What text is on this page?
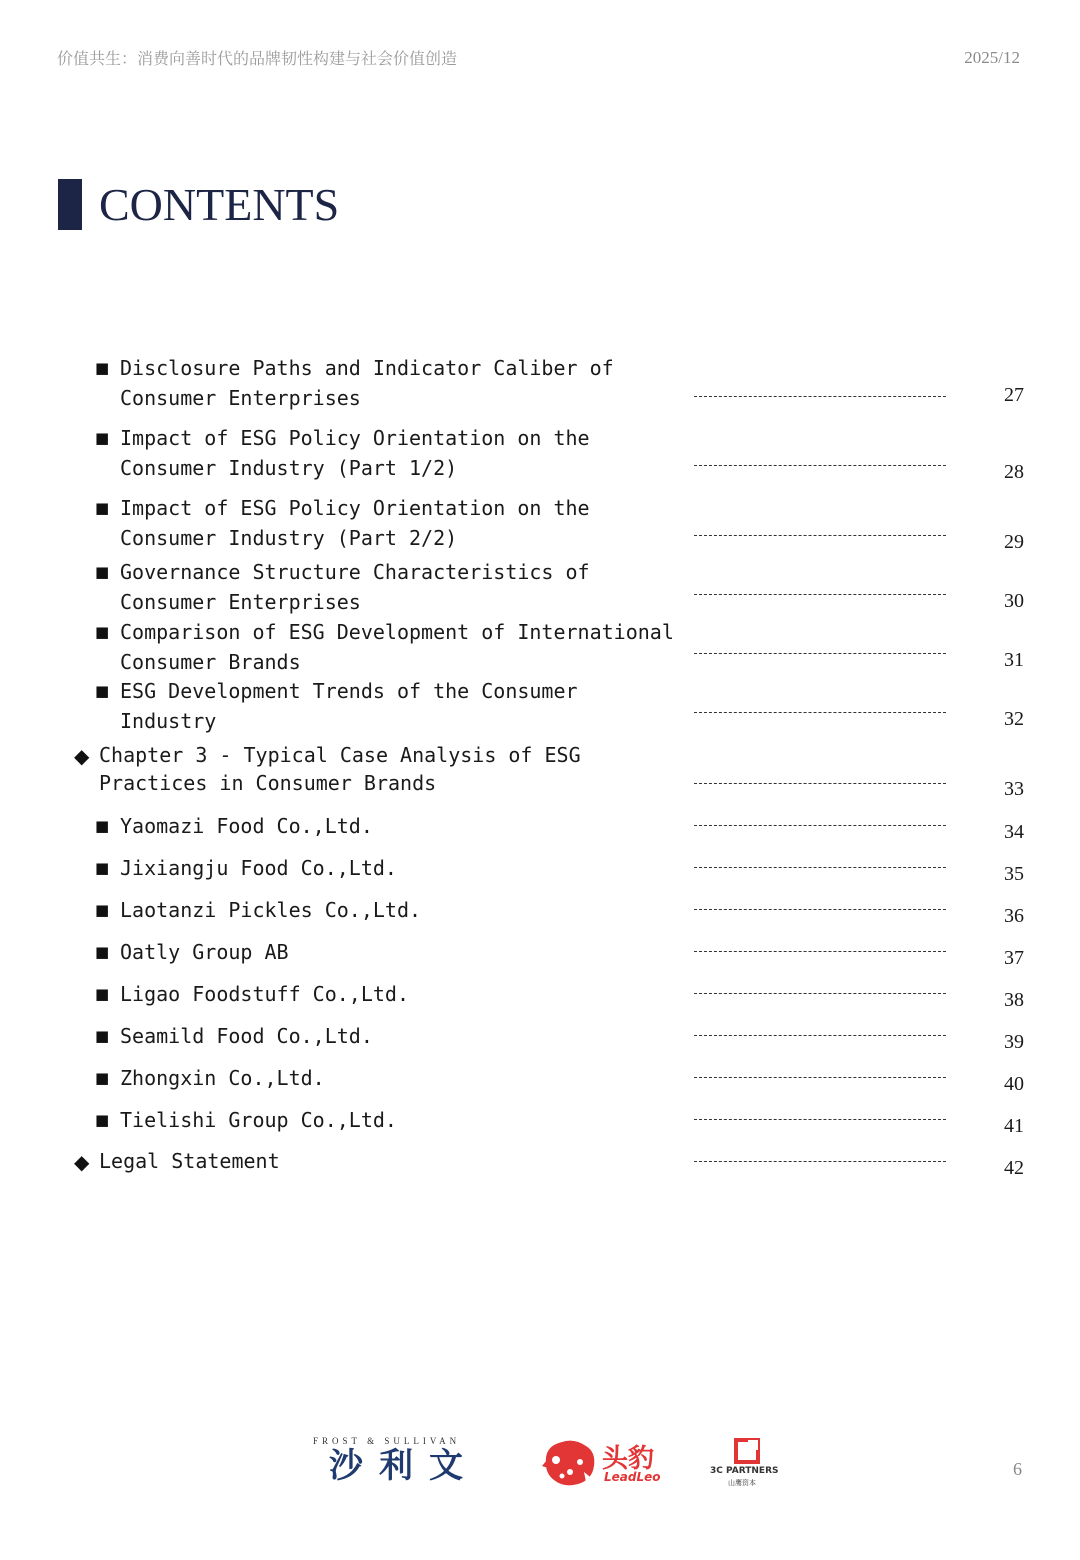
价值共生：消费向善时代的品牌韧性构建与社会价值创造	2025/12
CONTENTS
■ Disclosure Paths and Indicator Caliber of
Consumer Enterprises	27
■ Impact of ESG Policy Orientation on the
Consumer Industry (Part 1/2)	28
■ Impact of ESG Policy Orientation on the
Consumer Industry (Part 2/2)	29
■ Governance Structure Characteristics of
Consumer Enterprises	30
■ Comparison of ESG Development of International
Consumer Brands	31
■ ESG Development Trends of the Consumer
Industry	32
◆ Chapter 3 - Typical Case Analysis of ESG
Practices in Consumer Brands	33
■ Yaomazi Food Co.,Ltd.	34
■ Jixiangju Food Co.,Ltd.	35
■ Laotanzi Pickles Co.,Ltd.	36
■ Oatly Group AB	37
■ Ligao Foodstuff Co.,Ltd.	38
■ Seamild Food Co.,Ltd.	39
■ Zhongxin Co.,Ltd.	40
■ Tielishi Group Co.,Ltd.	41
◆ Legal Statement	42
FROST & SULLIVAN
沙利文	头豹
LeadLeo	3C PARTNERS
山鹰资本
6
